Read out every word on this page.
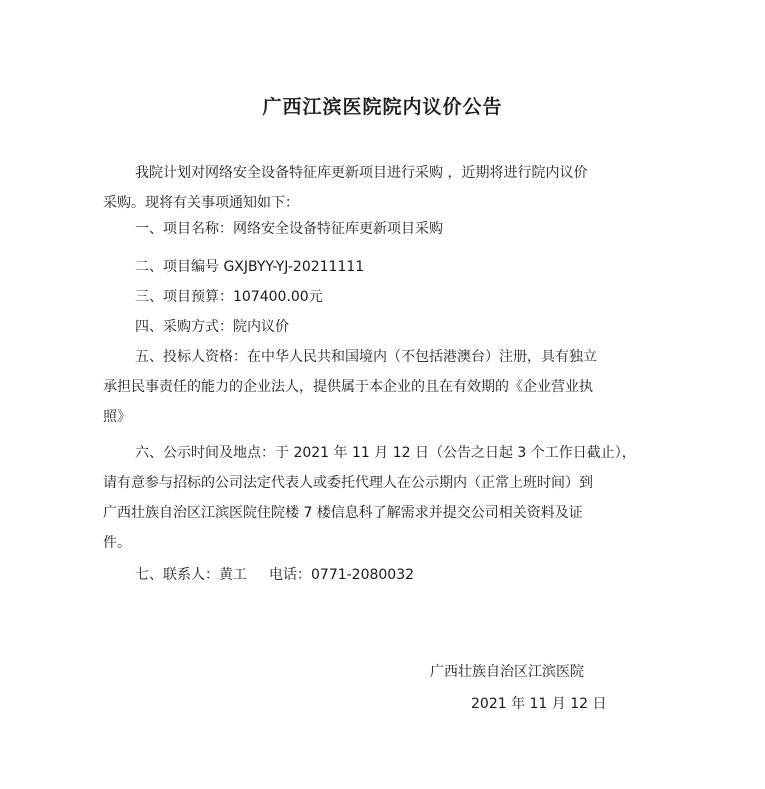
广西江滨医院院内议价公告

我院计划对网络安全设备特征库更新项目进行采购 ，近期将进行院内议价

采购。现将有关事项通知如下：

一、项目名称：网络安全设备特征库更新项目采购

二、项目编号 GXJBYY-YJ-20211111

三、项目预算：107400.00元

四、采购方式：院内议价

五、投标人资格：在中华人民共和国境内（不包括港澳台）注册，具有独立

承担民事责任的能力的企业法人，提供属于本企业的且在有效期的《企业营业执

照》

六、公示时间及地点：于 2021 年 11 月 12 日（公告之日起 3 个工作日截止），

请有意参与招标的公司法定代表人或委托代理人在公示期内（正常上班时间）到

广西壮族自治区江滨医院住院楼 7 楼信息科了解需求并提交公司相关资料及证

件。

七、联系人：黄工 电话：0771-2080032

广西壮族自治区江滨医院

2021 年 11 月 12 日
